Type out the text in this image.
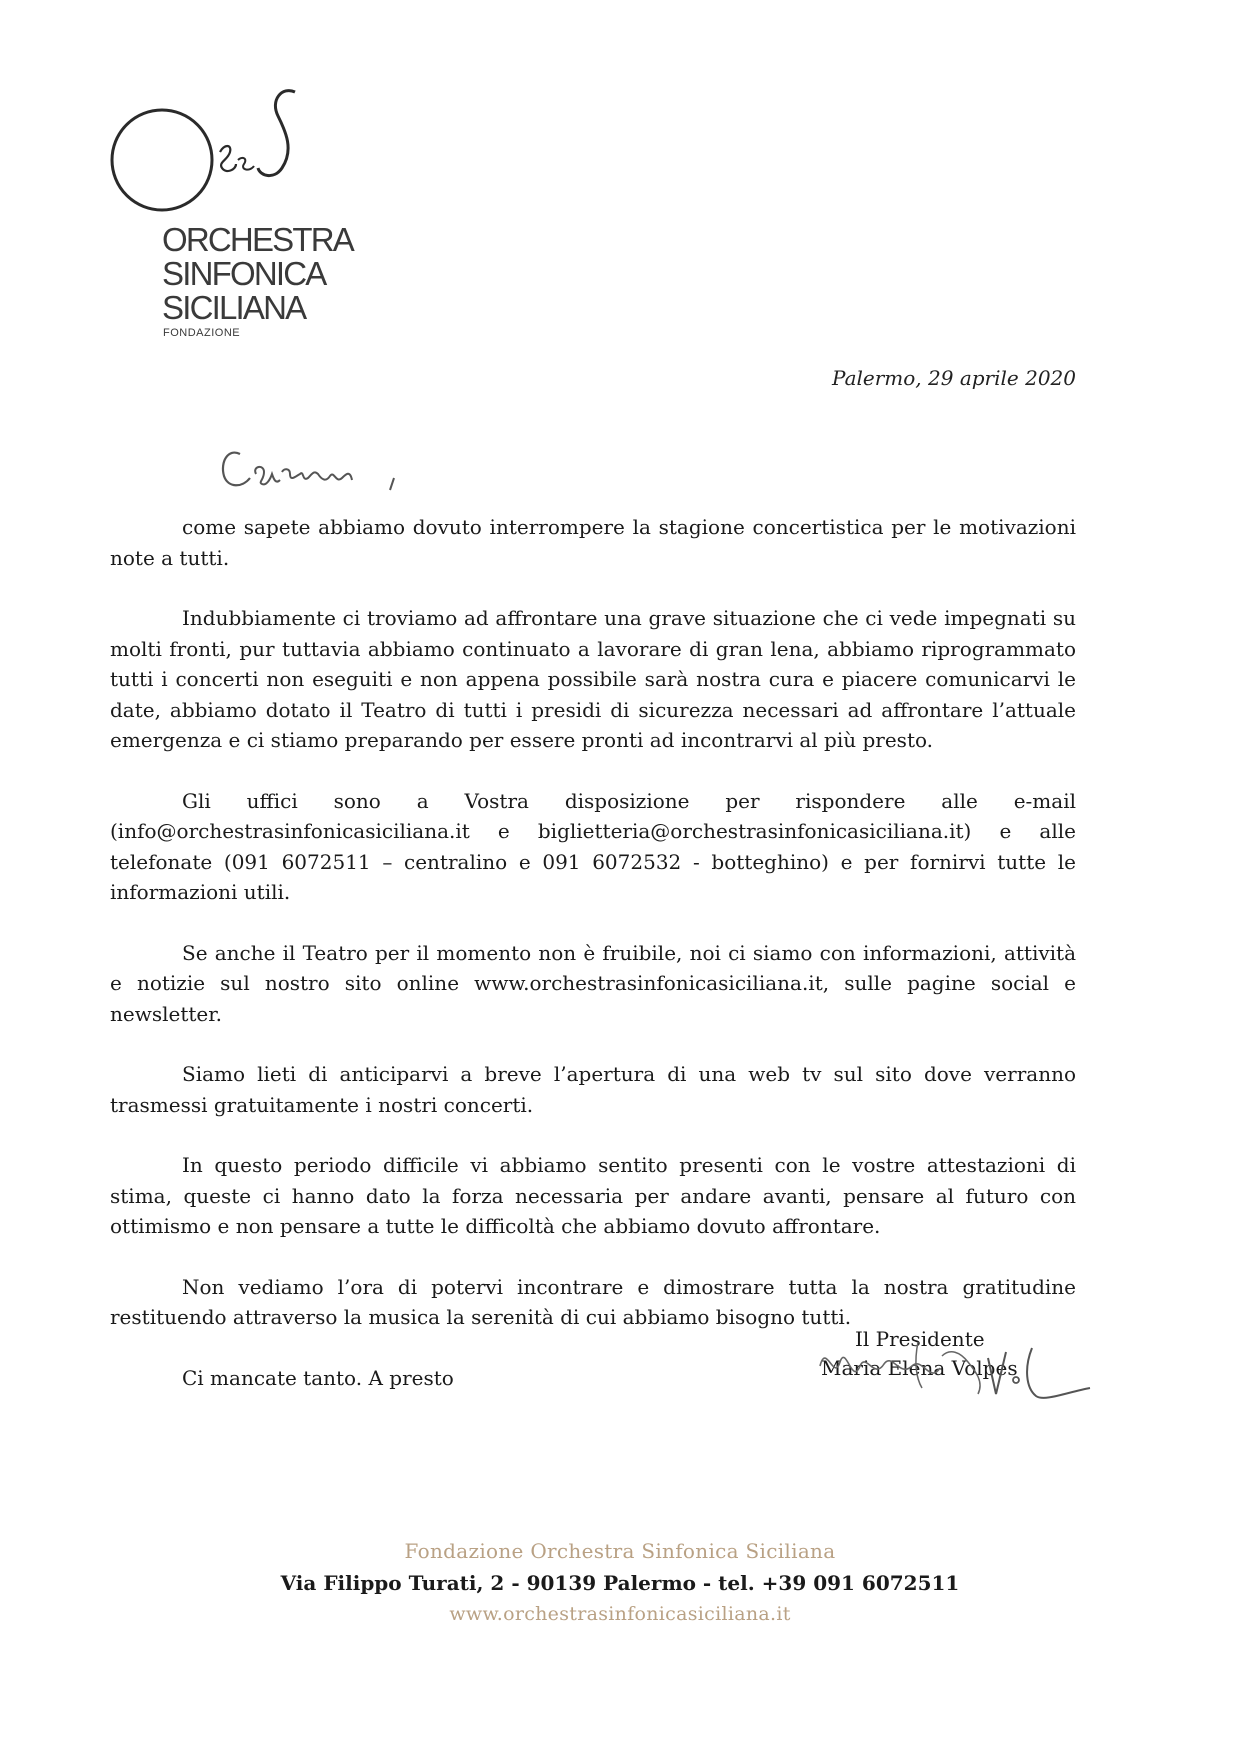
ORCHESTRA
SINFONICA
SICILIANA
FONDAZIONE
Palermo, 29 aprile 2020

come sapete abbiamo dovuto interrompere la stagione concertistica per le motivazioni note a tutti.

Indubbiamente ci troviamo ad affrontare una grave situazione che ci vede impegnati su molti fronti, pur tuttavia abbiamo continuato a lavorare di gran lena, abbiamo riprogrammato tutti i concerti non eseguiti e non appena possibile sarà nostra cura e piacere comunicarvi le date, abbiamo dotato il Teatro di tutti i presidi di sicurezza necessari ad affrontare l’attuale emergenza e ci stiamo preparando per essere pronti ad incontrarvi al più presto.

Gli uffici sono a Vostra disposizione per rispondere alle e-mail (info@orchestrasinfonicasiciliana.it e biglietteria@orchestrasinfonicasiciliana.it) e alle telefonate (091 6072511 – centralino e 091 6072532 - botteghino) e per fornirvi tutte le informazioni utili.

Se anche il Teatro per il momento non è fruibile, noi ci siamo con informazioni, attività e notizie sul nostro sito online www.orchestrasinfonicasiciliana.it, sulle pagine social e newsletter.

Siamo lieti di anticiparvi a breve l’apertura di una web tv sul sito dove verranno trasmessi gratuitamente i nostri concerti.

In questo periodo difficile vi abbiamo sentito presenti con le vostre attestazioni di stima, queste ci hanno dato la forza necessaria per andare avanti, pensare al futuro con ottimismo e non pensare a tutte le difficoltà che abbiamo dovuto affrontare.

Non vediamo l’ora di potervi incontrare e dimostrare tutta la nostra gratitudine restituendo attraverso la musica la serenità di cui abbiamo bisogno tutti.

Ci mancate tanto. A presto

Il Presidente
Maria Elena Volpes
Fondazione Orchestra Sinfonica Siciliana
Via Filippo Turati, 2 - 90139 Palermo - tel. +39 091 6072511
www.orchestrasinfonicasiciliana.it
